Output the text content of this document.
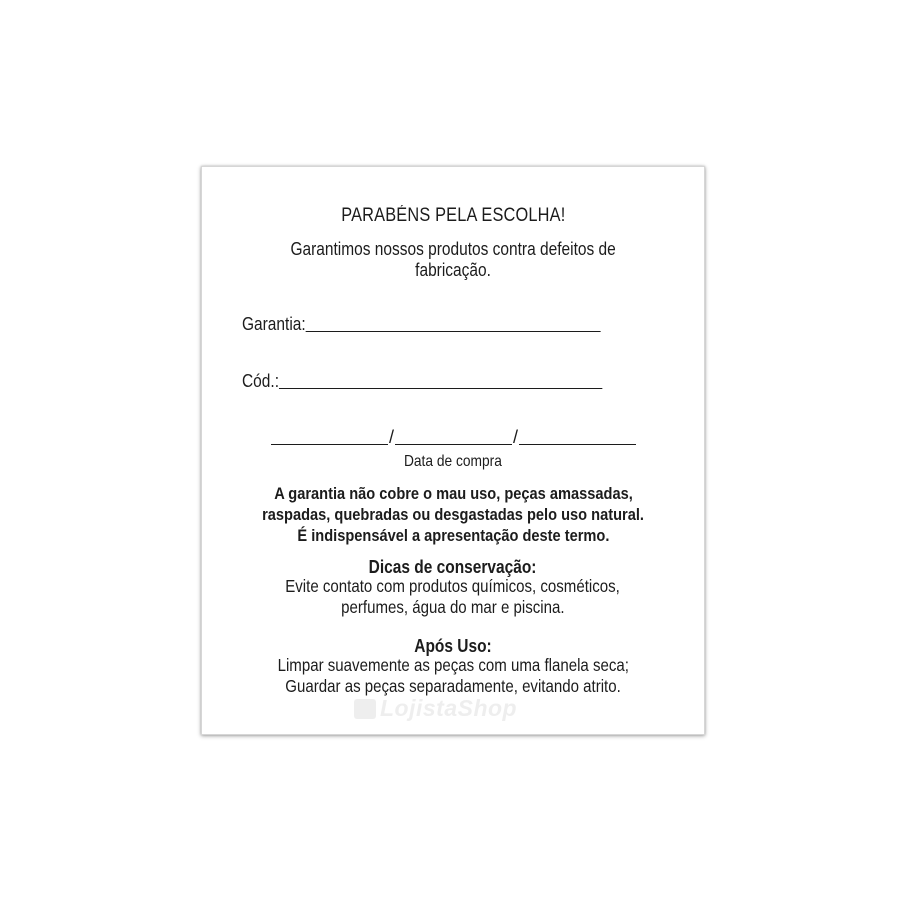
PARABÉNS PELA ESCOLHA!
Garantimos nossos produtos contra defeitos de
fabricação.
Garantia:
Cód.:
/	/
Data de compra
A garantia não cobre o mau uso, peças amassadas,
raspadas, quebradas ou desgastadas pelo uso natural.
É indispensável a apresentação deste termo.
Dicas de conservação:
Evite contato com produtos químicos, cosméticos,
perfumes, água do mar e piscina.
Após Uso:
Limpar suavemente as peças com uma flanela seca;
Guardar as peças separadamente, evitando atrito.
LojistaShop
